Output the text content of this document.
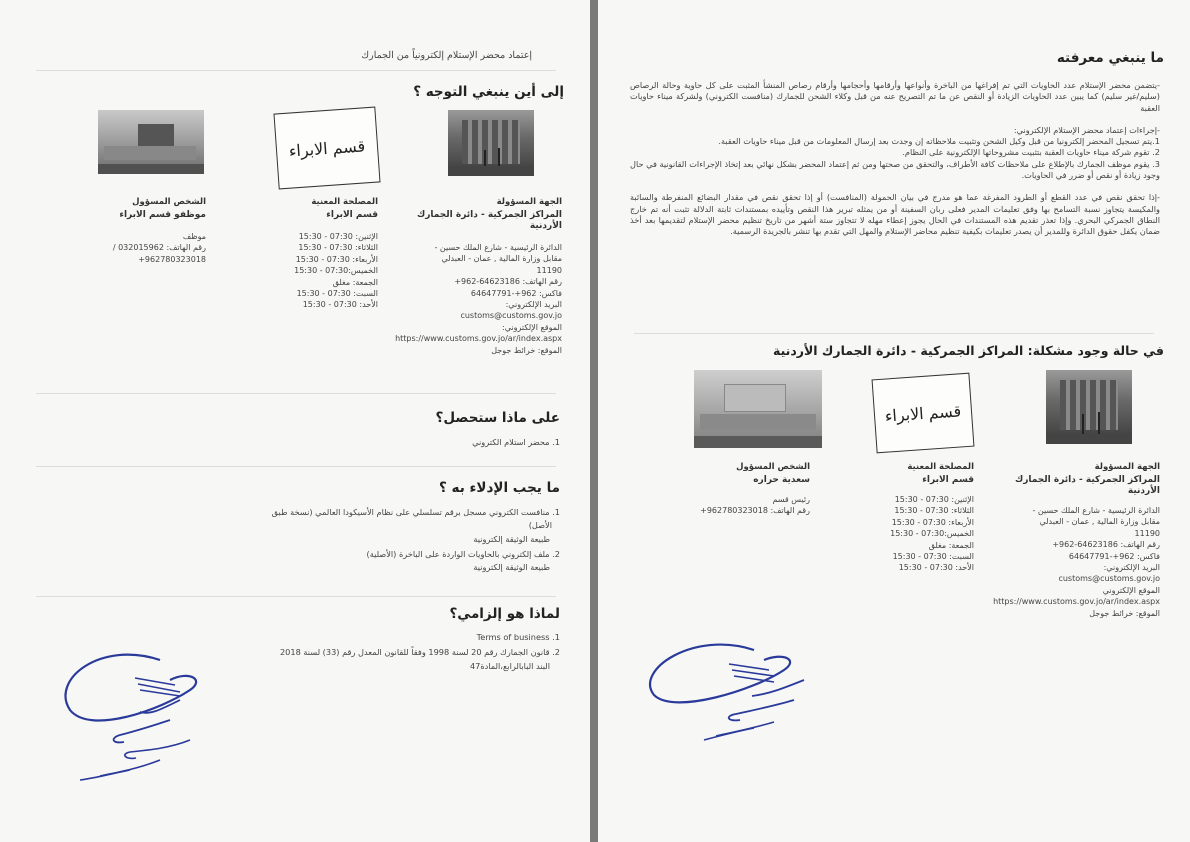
إعتماد محضر الإستلام إلكترونياً من الجمارك
إلى أين ينبغي التوجه ؟
قسم الابراء
الجهة المسؤولة
المراكز الجمركية - دائرة الجمارك الأردنية
الدائرة الرئيسية - شارع الملك حسين -
مقابل وزارة المالية , عمان - العبدلي
11190
رقم الهاتف: 64623186-962+
فاكس: 962+-64647791
البريد الإلكتروني:
customs@customs.gov.jo
الموقع الإلكتروني:
https://www.customs.gov.jo/ar/index.aspx
الموقع: خرائط جوجل
المصلحة المعنية
قسم الابراء
الإثنين: 07:30 - 15:30
الثلاثاء: 07:30 - 15:30
الأربعاء: 07:30 - 15:30
الخميس:07:30 - 15:30
الجمعة: مغلق
السبت: 07:30 - 15:30
الأحد: 07:30 - 15:30
الشخص المسؤول
موظفو قسم الابراء
موظف
رقم الهاتف: 032015962 /
962780323018+
على ماذا ستحصل؟
1. محضر استلام الكتروني
ما يجب الإدلاء به ؟
1. منافست الكتروني مسجل برقم تسلسلي على نظام الأسيكودا العالمي (نسخة طبق
الأصل)
طبيعة الوثيقة إلكترونية
2. ملف إلكتروني بالحاويات الواردة على الباخرة (الأصلية)
طبيعة الوثيقة إلكترونية
لماذا هو إلزامي؟
1. Terms of business
2. قانون الجمارك رقم 20 لسنة 1998 وفقاً للقانون المعدل رقم (33) لسنة 2018
البند البابالرابع،المادة47
ما ينبغي معرفته
-يتضمن محضر الإستلام عدد الحاويات التي تم إفراغها من الباخرة وأنواعها وأرقامها وأحجامها وأرقام رصاص المنشأ المثبت على كل حاوية وحالة الرصاص (سليم/غير سليم) كما يبين عدد الحاويات الزيادة أو النقص عن ما تم التصريح عنه من قبل وكلاء الشحن للجمارك (منافست الكتروني) ولشركة ميناء حاويات العقبة
-إجراءات إعتماد محضر الإستلام الإلكتروني:
1.يتم تسجيل المحضر إلكترونيا من قبل وكيل الشحن وتثبيت ملاحظاته إن وجدت بعد إرسال المعلومات من قبل ميناء حاويات العقبة.
2. تقوم شركة ميناء حاويات العقبة بتثبيت مشروحاتها الإلكترونية على النظام.
3. يقوم موظف الجمارك بالإطلاع على ملاحظات كافة الأطراف، والتحقق من صحتها ومن ثم إعتماد المحضر بشكل نهائي بعد إتخاذ الإجراءات القانونية في حال وجود زيادة أو نقص أو ضرر في الحاويات.
-إذا تحقق نقص في عدد القطع أو الطرود المفرغة عما هو مدرج في بيان الحمولة (المنافست) أو إذا تحقق نقص في مقدار البضائع المنفرطة والسائبة والمكيسة يتجاوز نسبة التسامح بها وفق تعليمات المدير فعلى ربان السفينة أو من يمثله تبرير هذا النقص وتأييده بمستندات ثابتة الدلالة تثبت أنه تم خارج النطاق الجمركي البحري. وإذا تعذر تقديم هذه المستندات في الحال يجوز إعطاء مهله لا تتجاوز ستة أشهر من تاريخ تنظيم محضر الإستلام لتقديمها بعد أخذ ضمان يكفل حقوق الدائرة وللمدير أن يصدر تعليمات بكيفية تنظيم محاضر الإستلام والمهل التي تقدم بها تنشر بالجريدة الرسمية.
في حالة وجود مشكلة: المراكز الجمركية - دائرة الجمارك الأردنية
قسم الابراء
الجهة المسؤولة
المراكز الجمركية - دائرة الجمارك الأردنية
الدائرة الرئيسية - شارع الملك حسين -
مقابل وزارة المالية , عمان - العبدلي
11190
رقم الهاتف: 64623186-962+
فاكس: 962+-64647791
البريد الإلكتروني:
customs@customs.gov.jo
الموقع الإلكتروني
https://www.customs.gov.jo/ar/index.aspx
الموقع: خرائط جوجل
المصلحة المعنية
قسم الابراء
الإثنين: 07:30 - 15:30
الثلاثاء: 07:30 - 15:30
الأربعاء: 07:30 - 15:30
الخميس:07:30 - 15:30
الجمعة: مغلق
السبت: 07:30 - 15:30
الأحد: 07:30 - 15:30
الشخص المسؤول
سعدية حراره
رئيس قسم
رقم الهاتف: 962780323018+
